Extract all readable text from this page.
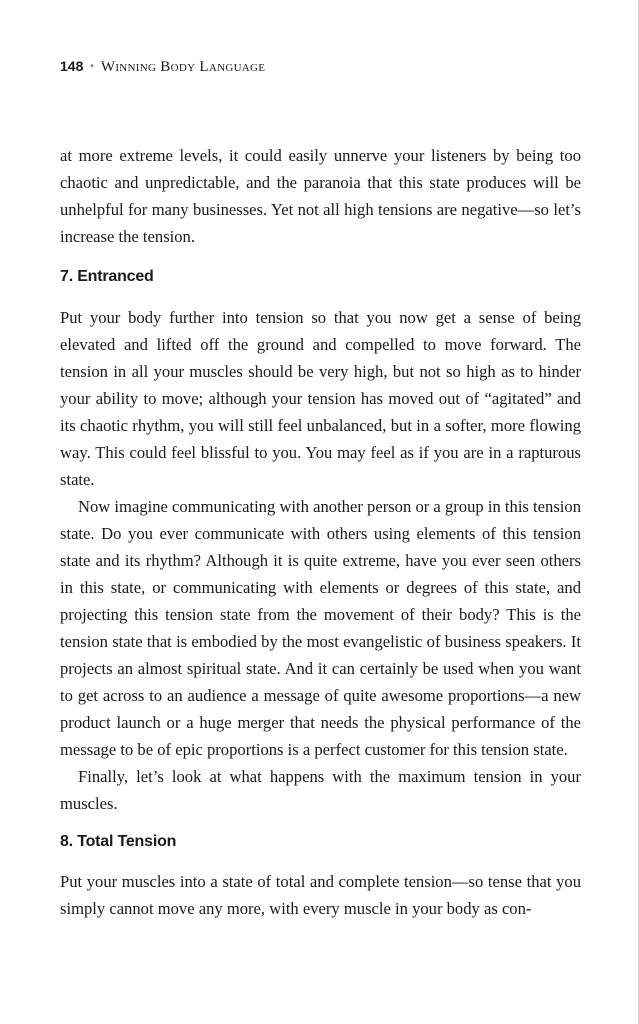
148 • Winning Body Language

at more extreme levels, it could easily unnerve your listeners by being too chaotic and unpredictable, and the paranoia that this state produces will be unhelpful for many businesses. Yet not all high tensions are negative—so let’s increase the tension.

7. Entranced

Put your body further into tension so that you now get a sense of being elevated and lifted off the ground and compelled to move forward. The tension in all your muscles should be very high, but not so high as to hinder your ability to move; although your tension has moved out of “agitated” and its chaotic rhythm, you will still feel unbalanced, but in a softer, more flowing way. This could feel blissful to you. You may feel as if you are in a rapturous state.

Now imagine communicating with another person or a group in this tension state. Do you ever communicate with others using elements of this tension state and its rhythm? Although it is quite extreme, have you ever seen others in this state, or communicating with elements or degrees of this state, and projecting this tension state from the movement of their body? This is the tension state that is embodied by the most evangelistic of business speakers. It projects an almost spiritual state. And it can certainly be used when you want to get across to an audience a message of quite awesome proportions—a new product launch or a huge merger that needs the physical performance of the message to be of epic proportions is a perfect customer for this tension state.

Finally, let’s look at what happens with the maximum tension in your muscles.

8. Total Tension

Put your muscles into a state of total and complete tension—so tense that you simply cannot move any more, with every muscle in your body as con-
